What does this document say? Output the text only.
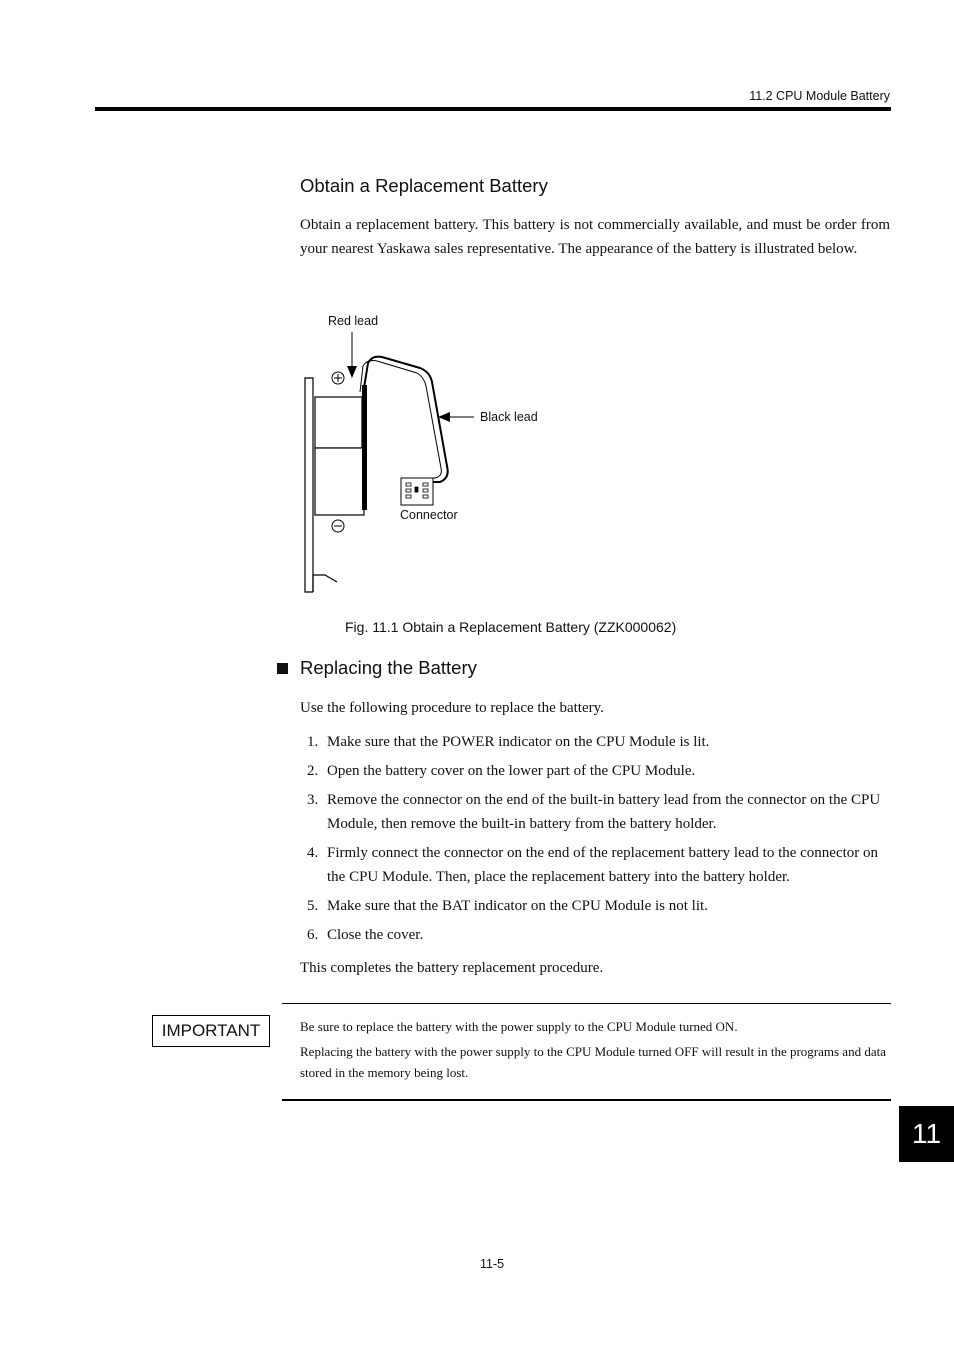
11.2 CPU Module Battery
Obtain a Replacement Battery
Obtain a replacement battery. This battery is not commercially available, and must be order from your nearest Yaskawa sales representative. The appearance of the battery is illustrated below.
Red lead
Black lead
Connector
Fig. 11.1 Obtain a Replacement Battery (ZZK000062)
Replacing the Battery
Use the following procedure to replace the battery.
1. Make sure that the POWER indicator on the CPU Module is lit.
2. Open the battery cover on the lower part of the CPU Module.
3. Remove the connector on the end of the built-in battery lead from the connector on the CPU Module, then remove the built-in battery from the battery holder.
4. Firmly connect the connector on the end of the replacement battery lead to the connector on the CPU Module. Then, place the replacement battery into the battery holder.
5. Make sure that the BAT indicator on the CPU Module is not lit.
6. Close the cover.
This completes the battery replacement procedure.
IMPORTANT	Be sure to replace the battery with the power supply to the CPU Module turned ON.

Replacing the battery with the power supply to the CPU Module turned OFF will result in the programs and data stored in the memory being lost.

11
11-5
